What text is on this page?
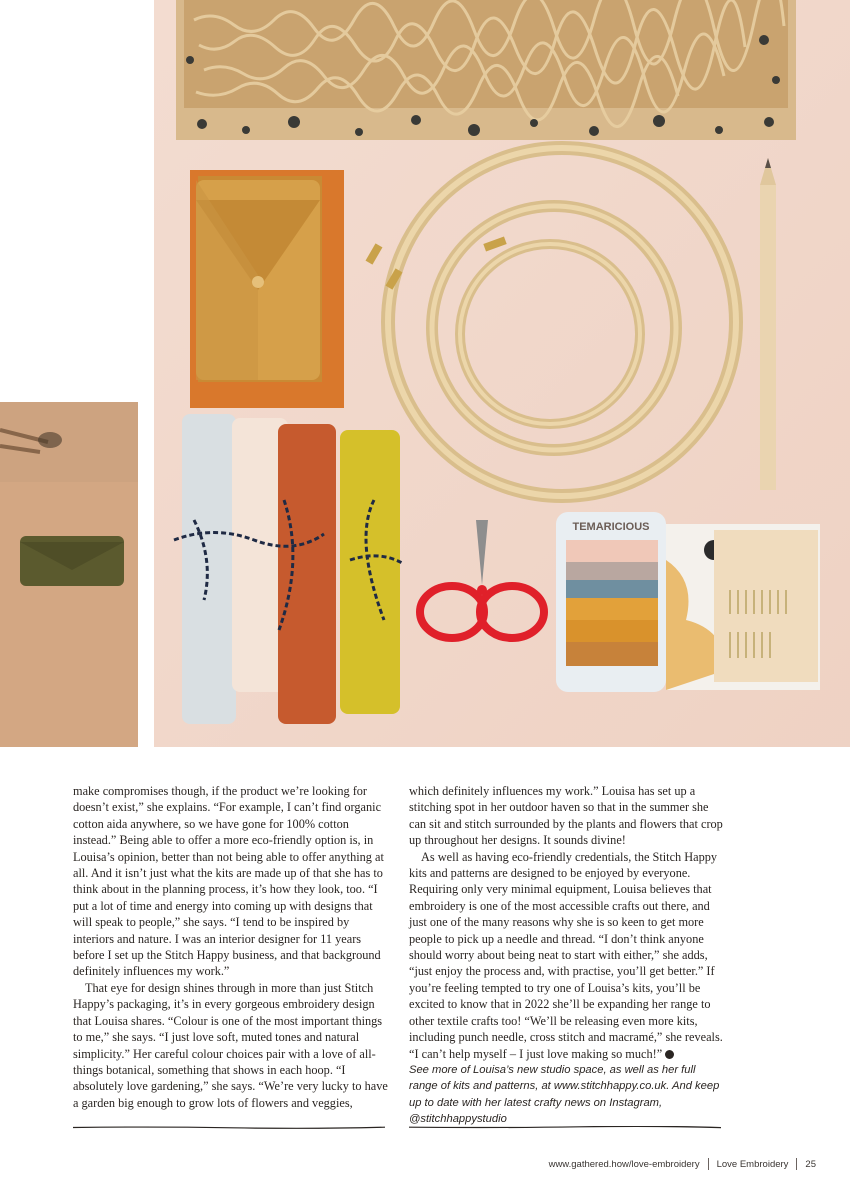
TEMARICIOUS

make compromises though, if the product we’re looking for doesn’t exist,” she explains. “For example, I can’t find organic cotton aida anywhere, so we have gone for 100% cotton instead.” Being able to offer a more eco-friendly option is, in Louisa’s opinion, better than not being able to offer anything at all. And it isn’t just what the kits are made up of that she has to think about in the planning process, it’s how they look, too. “I put a lot of time and energy into coming up with designs that will speak to people,” she says. “I tend to be inspired by interiors and nature. I was an interior designer for 11 years before I set up the Stitch Happy business, and that background definitely influences my work.”

That eye for design shines through in more than just Stitch Happy’s packaging, it’s in every gorgeous embroidery design that Louisa shares. “Colour is one of the most important things to me,” she says. “I just love soft, muted tones and natural simplicity.” Her careful colour choices pair with a love of all-things botanical, something that shows in each hoop. “I absolutely love gardening,” she says. “We’re very lucky to have a garden big enough to grow lots of flowers and veggies,

which definitely influences my work.” Louisa has set up a stitching spot in her outdoor haven so that in the summer she can sit and stitch surrounded by the plants and flowers that crop up throughout her designs. It sounds divine!

As well as having eco-friendly credentials, the Stitch Happy kits and patterns are designed to be enjoyed by everyone. Requiring only very minimal equipment, Louisa believes that embroidery is one of the most accessible crafts out there, and just one of the many reasons why she is so keen to get more people to pick up a needle and thread. “I don’t think anyone should worry about being neat to start with either,” she adds, “just enjoy the process and, with practise, you’ll get better.” If you’re feeling tempted to try one of Louisa’s kits, you’ll be excited to know that in 2022 she’ll be expanding her range to other textile crafts too! “We’ll be releasing even more kits, including punch needle, cross stitch and macramé,” she reveals. “I can’t help myself – I just love making so much!”

See more of Louisa’s new studio space, as well as her full range of kits and patterns, at www.stitchhappy.co.uk. And keep up to date with her latest crafty news on Instagram, @stitchhappystudio

www.gathered.how/love-embroidery Love Embroidery 25
